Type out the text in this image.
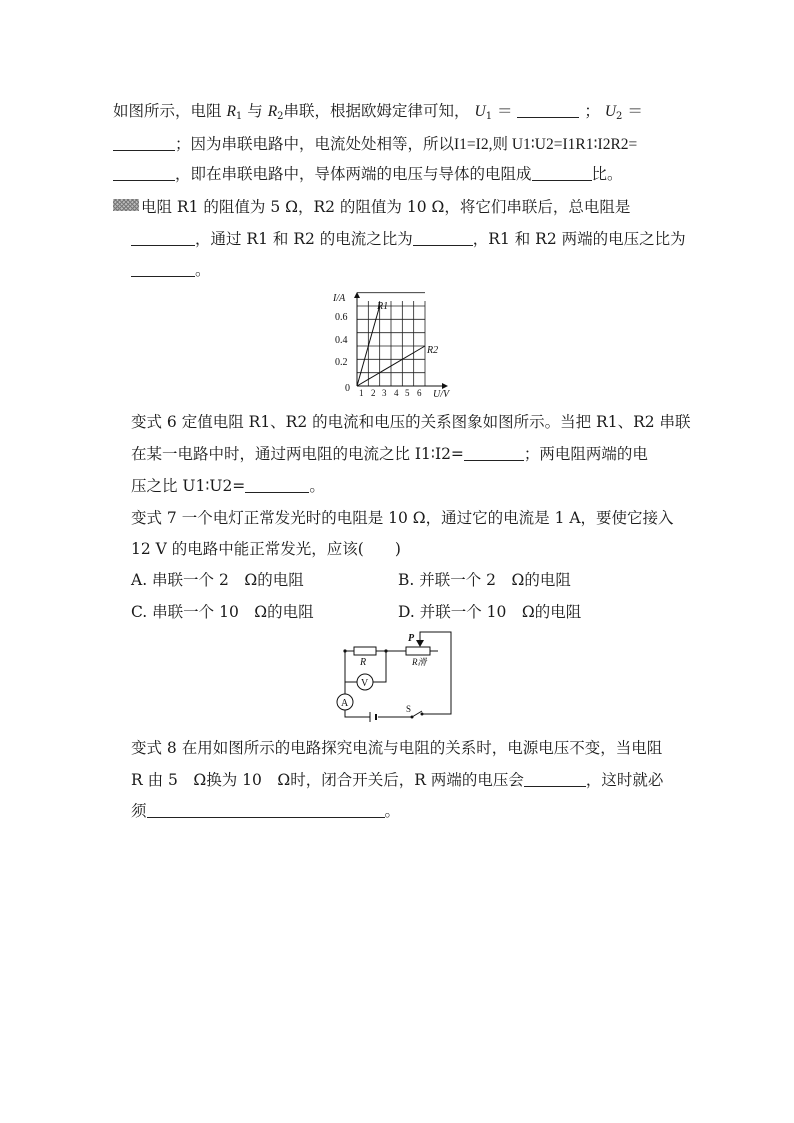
如图所示，电阻 $R_1$ 与 $R_2$串联，根据欧姆定律可知， $U_1$ ＝	； $U_2$ ＝
；因为串联电路中，电流处处相等，所以I1=I2,则 U1∶U2=I1R1∶I2R2=
，即在串联电路中，导体两端的电压与导体的电阻成	比。
电阻 R1 的阻值为 5 Ω，R2 的阻值为 10 Ω，将它们串联后，总电阻是
，通过 R1 和 R2 的电流之比为	，R1 和 R2 两端的电压之比为
。
I/A
U/V
0
0.6
0.4
0.2
1 2 3 4 5 6
R1
R2
变式 6 定值电阻 R1、R2 的电流和电压的关系图象如图所示。当把 R1、R2 串联
在某一电路中时，通过两电阻的电流之比 I1∶I2=	；两电阻两端的电
压之比 U1∶U2=	。
变式 7 一个电灯正常发光时的电阻是 10 Ω，通过它的电流是 1 A，要使它接入
12 V 的电路中能正常发光，应该(　　)
A. 串联一个 2　Ω的电阻	B. 并联一个 2　Ω的电阻
C. 串联一个 10　Ω的电阻	D. 并联一个 10　Ω的电阻
V
A
P
R	R滑
S
变式 8 在用如图所示的电路探究电流与电阻的关系时，电源电压不变，当电阻
R 由 5　Ω换为 10　Ω时，闭合开关后，R 两端的电压会	，这时就必
须	。
